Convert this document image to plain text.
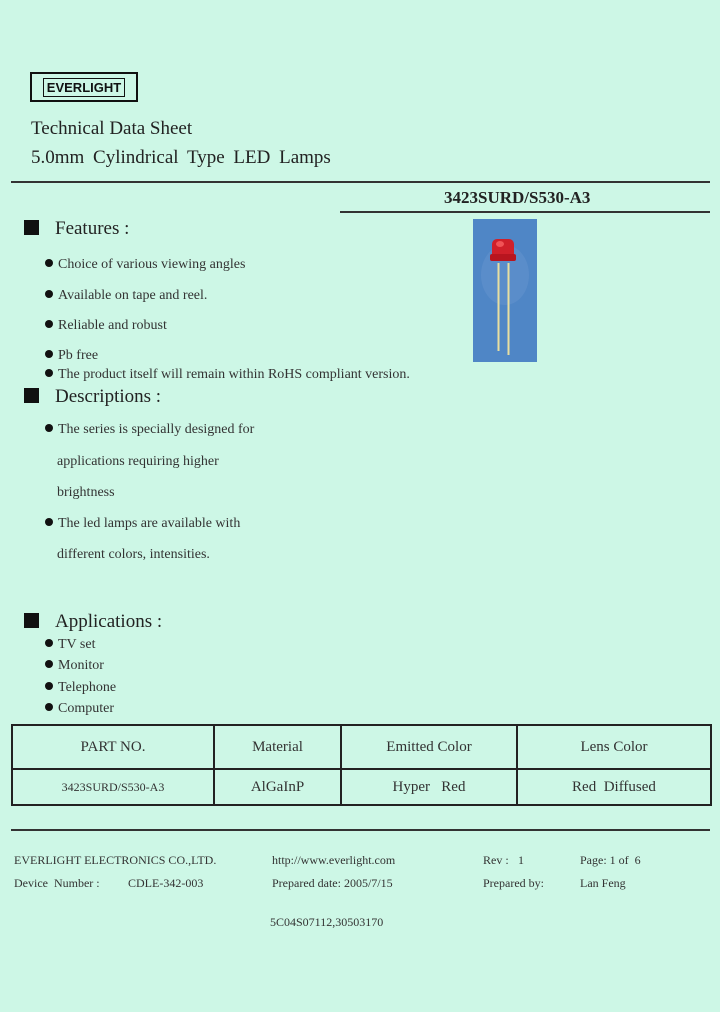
EVERLIGHT
Technical Data Sheet
5.0mm Cylindrical Type LED Lamps
3423SURD/S530-A3
Features :
Choice of various viewing angles
Available on tape and reel.
Reliable and robust
Pb free
The product itself will remain within RoHS compliant version.
Descriptions :
The series is specially designed for
applications requiring higher
brightness
The led lamps are available with
different colors, intensities.
Applications :
TV set
Monitor
Telephone
Computer
PART NO.	Material	Emitted Color	Lens Color
3423SURD/S530-A3	AlGaInP	Hyper   Red	Red  Diffused
EVERLIGHT ELECTRONICS CO.,LTD.	http://www.everlight.com	Rev : 1	Page: 1 of  6
Device  Number : CDLE-342-003	Prepared date: 2005/7/15	Prepared by:	Lan Feng
5C04S07112,30503170
